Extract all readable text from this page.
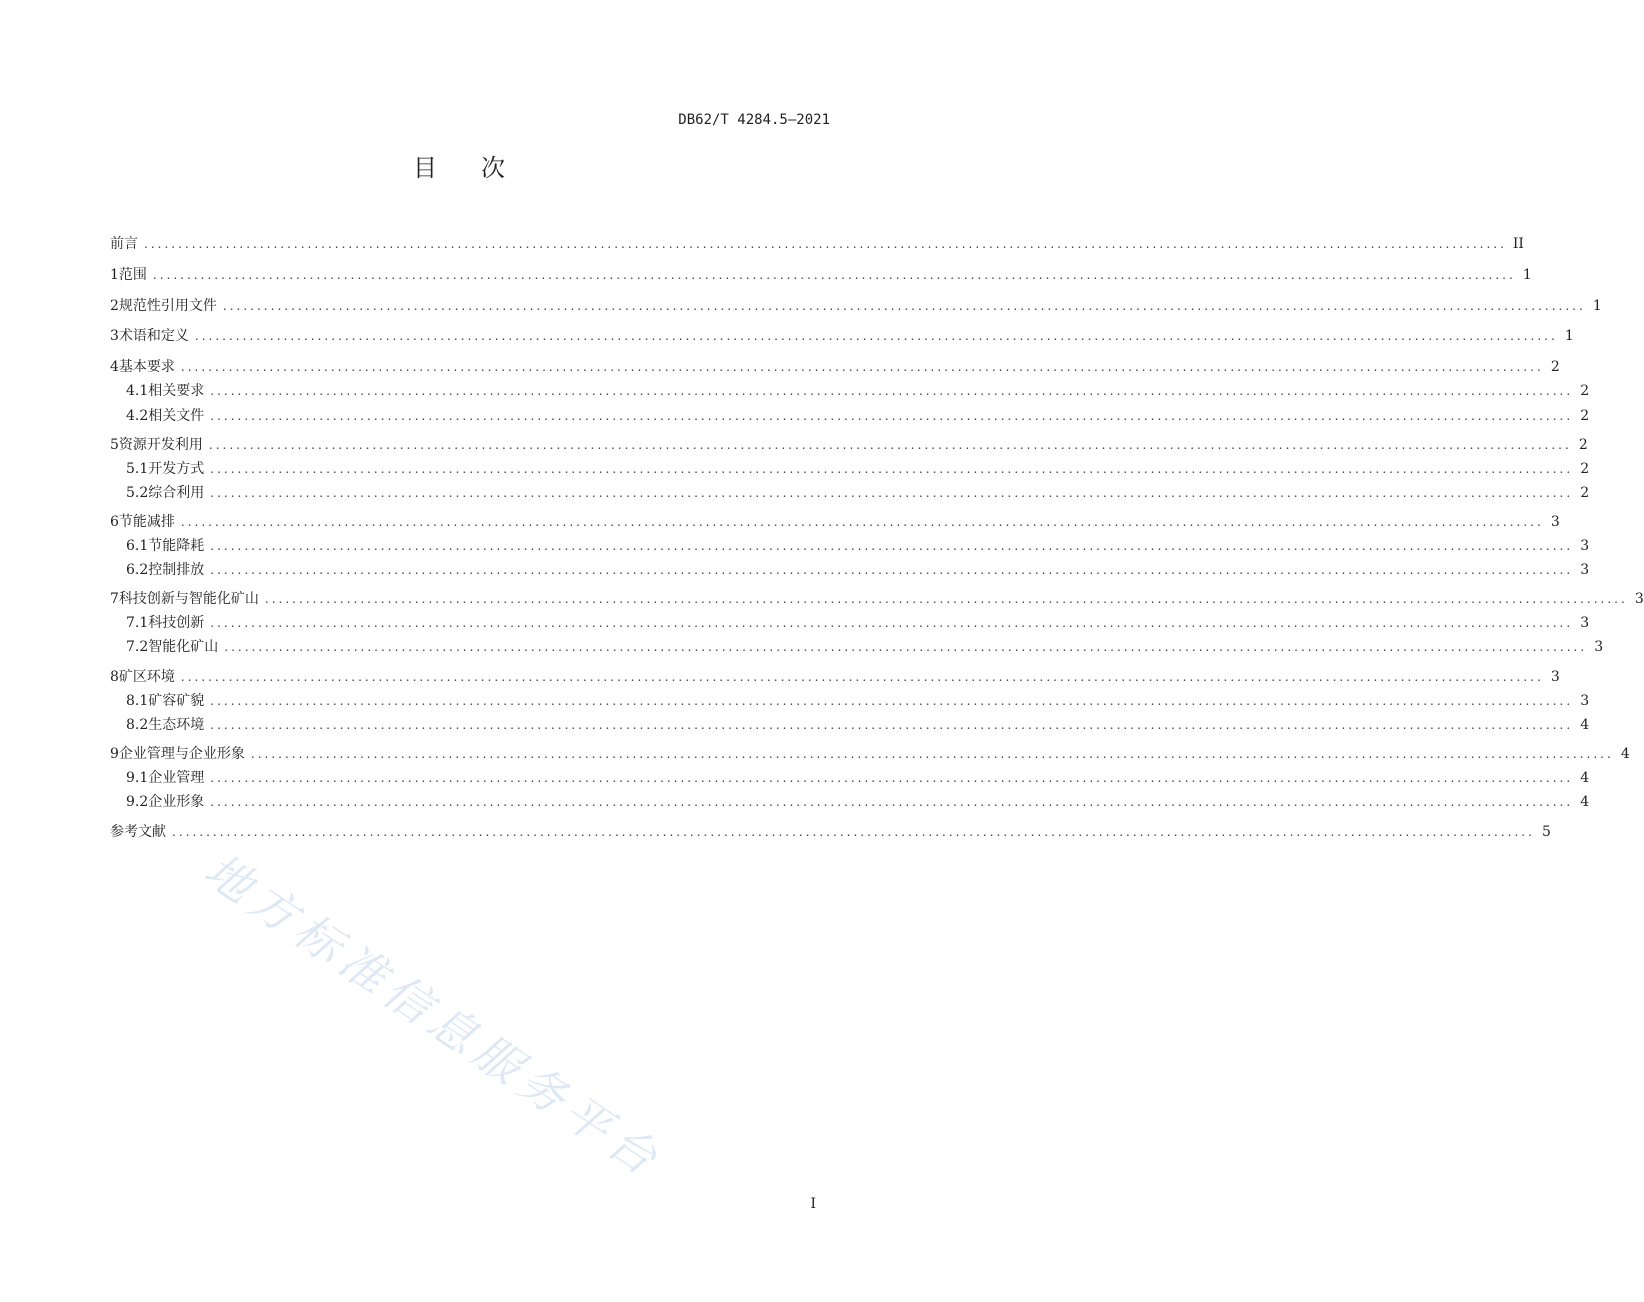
DB62/T 4284.5—2021
目 次
前言 ........................................................................................................................................................................................................ II
1 范围 ........................................................................................................................................................................................................ 1
2 规范性引用文件 ........................................................................................................................................................................................................ 1
3 术语和定义 ........................................................................................................................................................................................................ 1
4 基本要求 ........................................................................................................................................................................................................ 2
4.1 相关要求 ........................................................................................................................................................................................................ 2
4.2 相关文件 ........................................................................................................................................................................................................ 2
5 资源开发利用 ........................................................................................................................................................................................................ 2
5.1 开发方式 ........................................................................................................................................................................................................ 2
5.2 综合利用 ........................................................................................................................................................................................................ 2
6 节能减排 ........................................................................................................................................................................................................ 3
6.1 节能降耗 ........................................................................................................................................................................................................ 3
6.2 控制排放 ........................................................................................................................................................................................................ 3
7 科技创新与智能化矿山 ........................................................................................................................................................................................................ 3
7.1 科技创新 ........................................................................................................................................................................................................ 3
7.2 智能化矿山 ........................................................................................................................................................................................................ 3
8 矿区环境 ........................................................................................................................................................................................................ 3
8.1 矿容矿貌 ........................................................................................................................................................................................................ 3
8.2 生态环境 ........................................................................................................................................................................................................ 4
9 企业管理与企业形象 ........................................................................................................................................................................................................ 4
9.1 企业管理 ........................................................................................................................................................................................................ 4
9.2 企业形象 ........................................................................................................................................................................................................ 4
参考文献 ........................................................................................................................................................................................................ 5
地方标准信息服务平台
I
